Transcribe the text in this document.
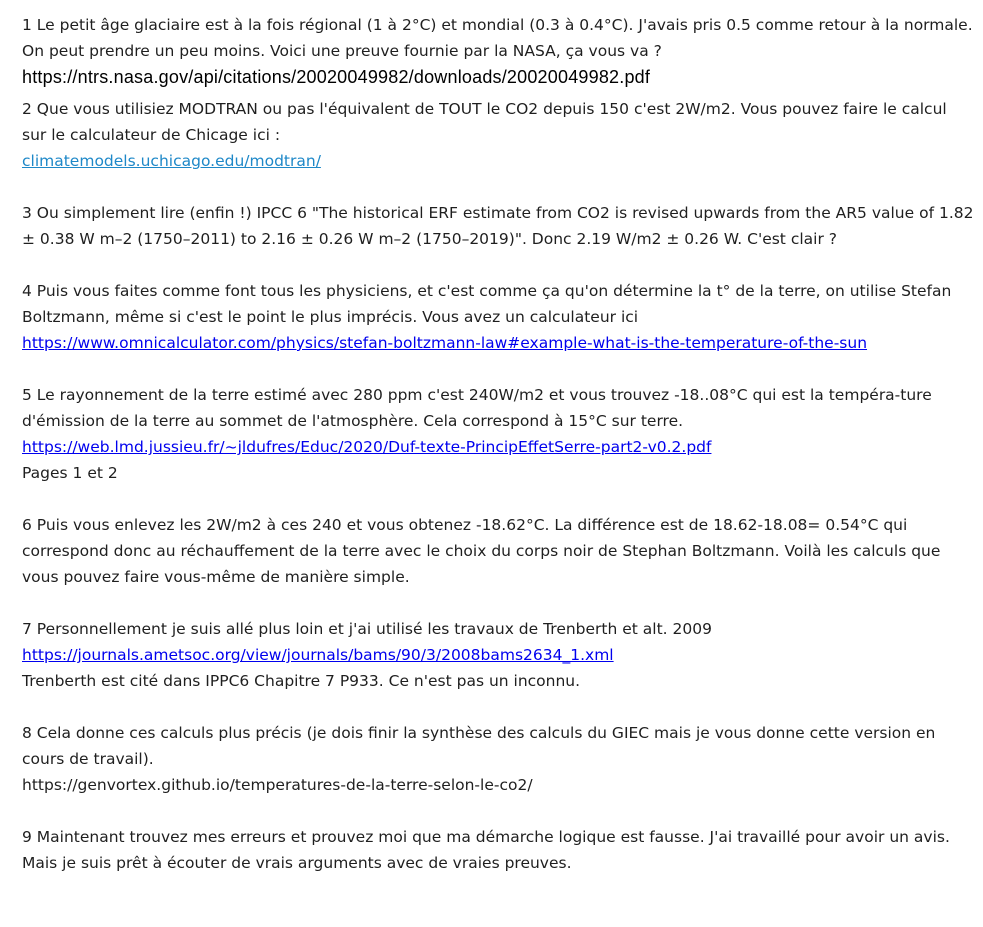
1 Le petit âge glaciaire est à la fois régional (1 à 2°C) et mondial (0.3 à 0.4°C). J'avais pris 0.5 comme retour à la normale. On peut prendre un peu moins. Voici une preuve fournie par la NASA, ça vous va ?
https://ntrs.nasa.gov/api/citations/20020049982/downloads/20020049982.pdf
2 Que vous utilisiez MODTRAN ou pas l'équivalent de TOUT le CO2 depuis 150 c'est 2W/m2. Vous pouvez faire le calcul sur le calculateur de Chicage ici :
climatemodels.uchicago.edu/modtran/
3 Ou simplement lire (enfin !) IPCC 6 "The historical ERF estimate from CO2 is revised upwards from the AR5 value of 1.82 ± 0.38 W m–2 (1750–2011) to 2.16 ± 0.26 W m–2 (1750–2019)". Donc 2.19 W/m2 ± 0.26 W. C'est clair ?
4 Puis vous faites comme font tous les physiciens, et c'est comme ça qu'on détermine la t° de la terre, on utilise Stefan Boltzmann, même si c'est le point le plus imprécis. Vous avez un calculateur ici
https://www.omnicalculator.com/physics/stefan-boltzmann-law#example-what-is-the-temperature-of-the-sun
5 Le rayonnement de la terre estimé avec 280 ppm c'est 240W/m2 et vous trouvez -18..08°C qui est la tempéra-ture d'émission de la terre au sommet de l'atmosphère. Cela correspond à 15°C sur terre.
https://web.lmd.jussieu.fr/~jldufres/Educ/2020/Duf-texte-PrincipEffetSerre-part2-v0.2.pdf
Pages 1 et 2
6 Puis vous enlevez les 2W/m2 à ces 240 et vous obtenez -18.62°C. La différence est de 18.62-18.08= 0.54°C qui correspond donc au réchauffement de la terre avec le choix du corps noir de Stephan Boltzmann. Voilà les calculs que vous pouvez faire vous-même de manière simple.
7 Personnellement je suis allé plus loin et j'ai utilisé les travaux de Trenberth et alt. 2009
https://journals.ametsoc.org/view/journals/bams/90/3/2008bams2634_1.xml
Trenberth est cité dans IPPC6 Chapitre 7 P933. Ce n'est pas un inconnu.
8 Cela donne ces calculs plus précis (je dois finir la synthèse des calculs du GIEC mais je vous donne cette version en cours de travail).
https://genvortex.github.io/temperatures-de-la-terre-selon-le-co2/
9 Maintenant trouvez mes erreurs et prouvez moi que ma démarche logique est fausse. J'ai travaillé pour avoir un avis. Mais je suis prêt à écouter de vrais arguments avec de vraies preuves.
